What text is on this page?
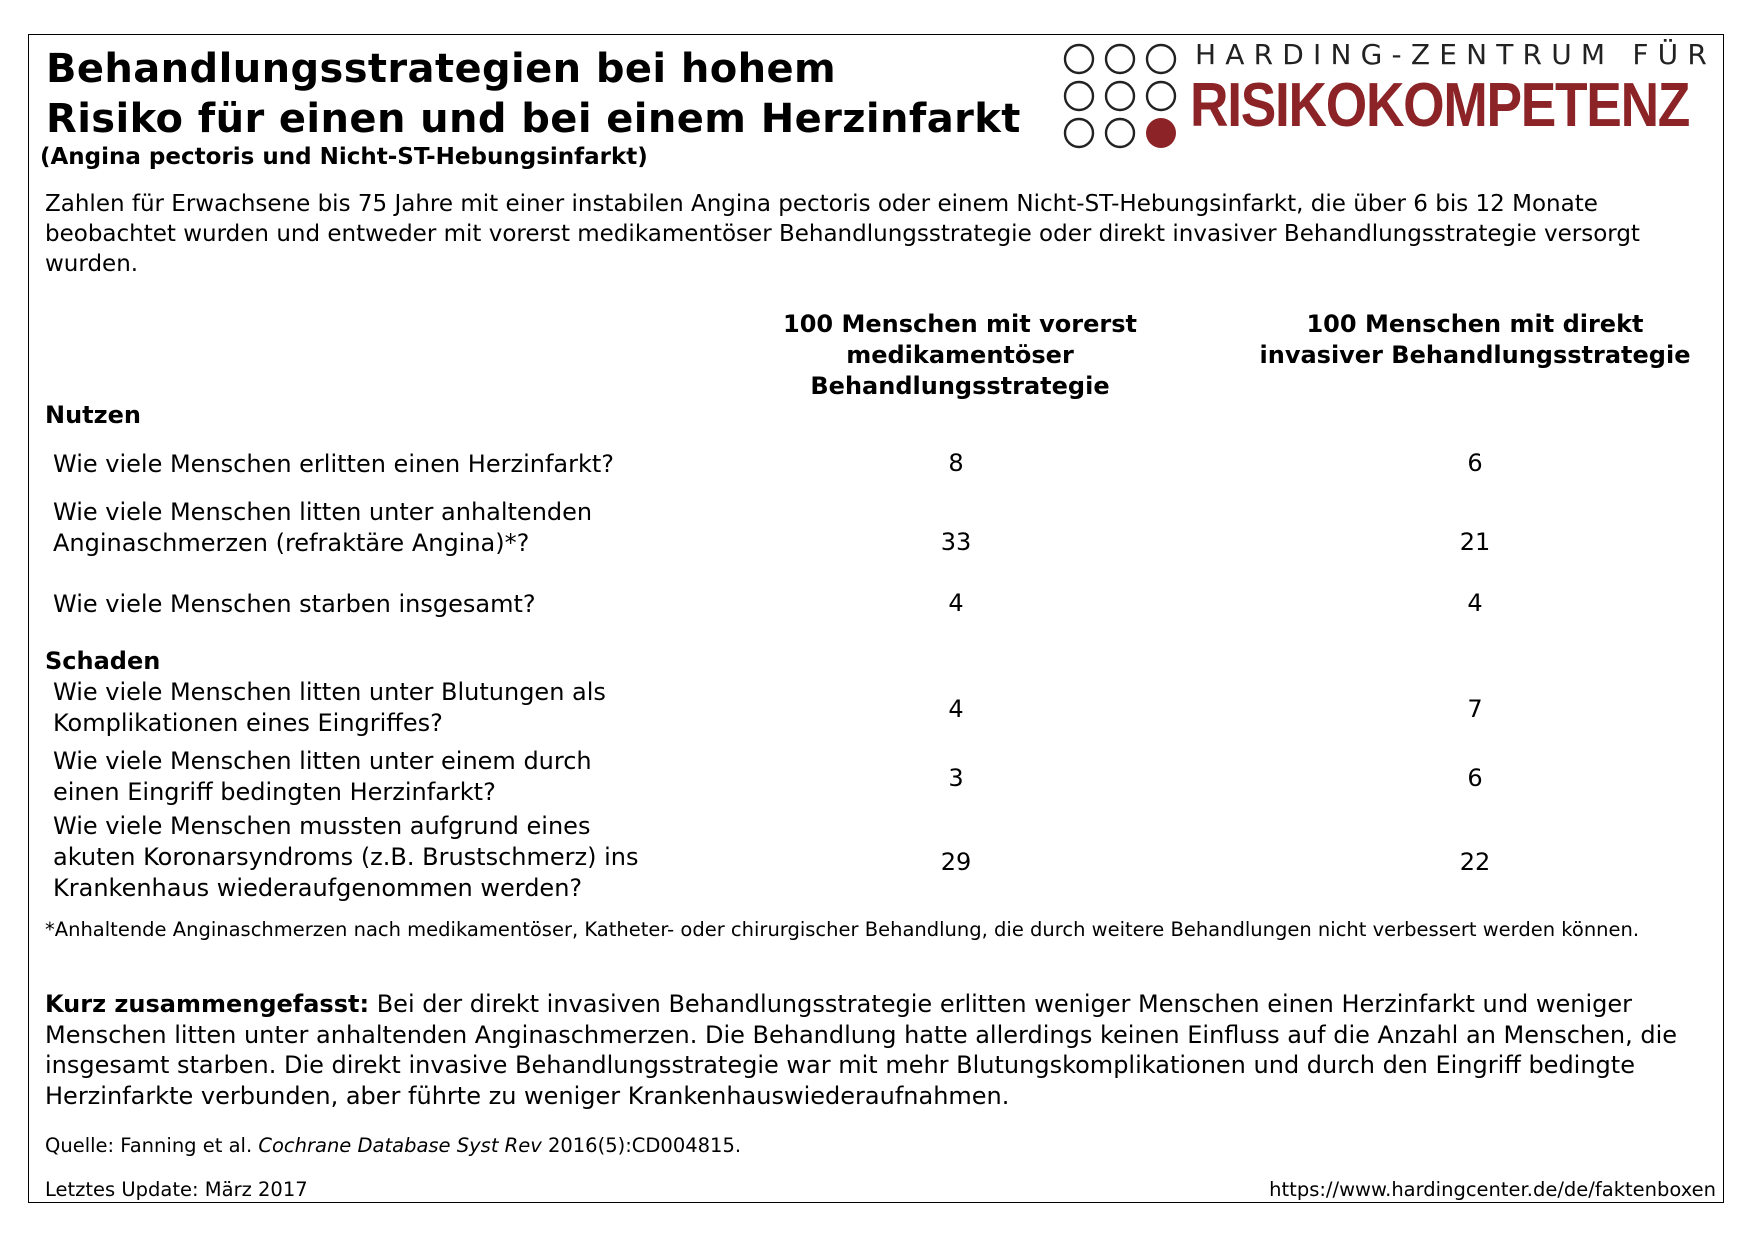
Behandlungsstrategien bei hohem
Risiko für einen und bei einem Herzinfarkt
(Angina pectoris und Nicht-ST-Hebungsinfarkt)
HARDING-ZENTRUM FÜR
RISIKOKOMPETENZ
Zahlen für Erwachsene bis 75 Jahre mit einer instabilen Angina pectoris oder einem Nicht-ST-Hebungsinfarkt, die über 6 bis 12 Monate beobachtet wurden und entweder mit vorerst medikamentöser Behandlungsstrategie oder direkt invasiver Behandlungsstrategie versorgt wurden.
100 Menschen mit vorerst
medikamentöser
Behandlungsstrategie
100 Menschen mit direkt
invasiver Behandlungsstrategie
Nutzen
Wie viele Menschen erlitten einen Herzinfarkt?	8	6
Wie viele Menschen litten unter anhaltenden
Anginaschmerzen (refraktäre Angina)*?	33	21
Wie viele Menschen starben insgesamt?	4	4
Schaden
Wie viele Menschen litten unter Blutungen als
Komplikationen eines Eingriffes?	4	7
Wie viele Menschen litten unter einem durch
einen Eingriff bedingten Herzinfarkt?	3	6
Wie viele Menschen mussten aufgrund eines
akuten Koronarsyndroms (z.B. Brustschmerz) ins
Krankenhaus wiederaufgenommen werden?
29	22
*Anhaltende Anginaschmerzen nach medikamentöser, Katheter- oder chirurgischer Behandlung, die durch weitere Behandlungen nicht verbessert werden können.
Kurz zusammengefasst: Bei der direkt invasiven Behandlungsstrategie erlitten weniger Menschen einen Herzinfarkt und weniger Menschen litten unter anhaltenden Anginaschmerzen. Die Behandlung hatte allerdings keinen Einfluss auf die Anzahl an Menschen, die insgesamt starben. Die direkt invasive Behandlungsstrategie war mit mehr Blutungskomplikationen und durch den Eingriff bedingte Herzinfarkte verbunden, aber führte zu weniger Krankenhauswiederaufnahmen.
Quelle: Fanning et al. Cochrane Database Syst Rev 2016(5):CD004815.
Letztes Update: März 2017	https://www.hardingcenter.de/de/faktenboxen
